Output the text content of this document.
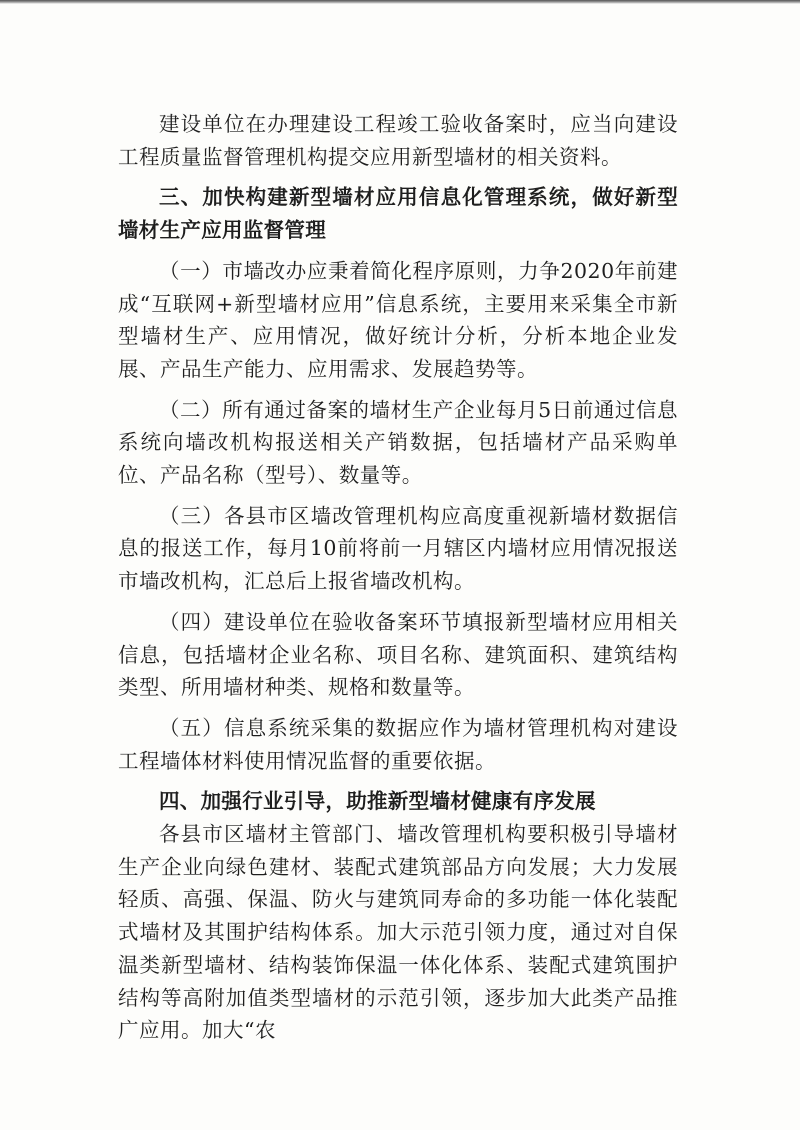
建设单位在办理建设工程竣工验收备案时，应当向建设工程质量监督管理机构提交应用新型墙材的相关资料。

三、加快构建新型墙材应用信息化管理系统，做好新型墙材生产应用监督管理

（一）市墙改办应秉着简化程序原则，力争2020年前建成“互联网+新型墙材应用”信息系统，主要用来采集全市新型墙材生产、应用情况，做好统计分析，分析本地企业发展、产品生产能力、应用需求、发展趋势等。

（二）所有通过备案的墙材生产企业每月5日前通过信息系统向墙改机构报送相关产销数据，包括墙材产品采购单位、产品名称（型号）、数量等。

（三）各县市区墙改管理机构应高度重视新墙材数据信息的报送工作，每月10前将前一月辖区内墙材应用情况报送市墙改机构，汇总后上报省墙改机构。

（四）建设单位在验收备案环节填报新型墙材应用相关信息，包括墙材企业名称、项目名称、建筑面积、建筑结构类型、所用墙材种类、规格和数量等。

（五）信息系统采集的数据应作为墙材管理机构对建设工程墙体材料使用情况监督的重要依据。

四、加强行业引导，助推新型墙材健康有序发展

各县市区墙材主管部门、墙改管理机构要积极引导墙材生产企业向绿色建材、装配式建筑部品方向发展；大力发展轻质、高强、保温、防火与建筑同寿命的多功能一体化装配式墙材及其围护结构体系。加大示范引领力度，通过对自保温类新型墙材、结构装饰保温一体化体系、装配式建筑围护结构等高附加值类型墙材的示范引领，逐步加大此类产品推广应用。加大“农
